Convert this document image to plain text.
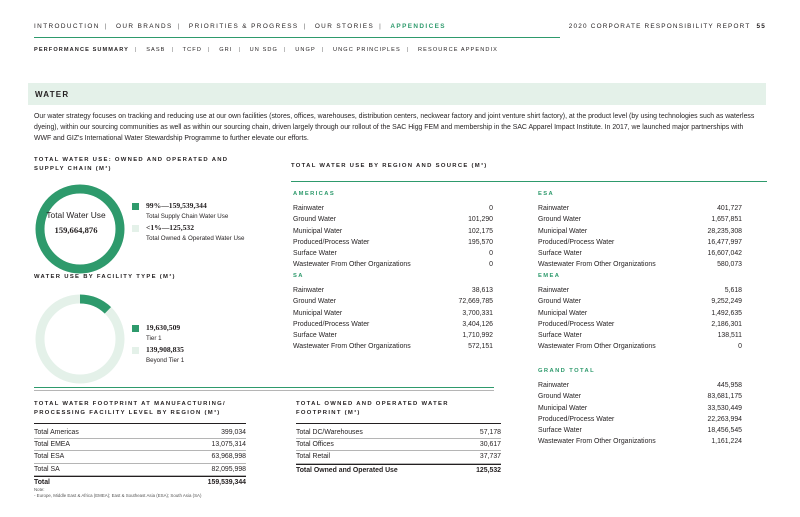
INTRODUCTION | OUR BRANDS | PRIORITIES & PROGRESS | OUR STORIES | APPENDICES	2020 CORPORATE RESPONSIBILITY REPORT 55
PERFORMANCE SUMMARY | SASB | TCFD | GRI | UN SDG | UNGP | UNGC PRINCIPLES | RESOURCE APPENDIX
WATER
Our water strategy focuses on tracking and reducing use at our own facilities (stores, offices, warehouses, distribution centers, neckwear factory and joint venture shirt factory), at the product level (by using technologies such as waterless dyeing), within our sourcing communities as well as within our sourcing chain, driven largely through our rollout of the SAC Higg FEM and membership in the SAC Apparel Impact Institute. In 2017, we launched major partnerships with WWF and GIZ's International Water Stewardship Programme to further elevate our efforts.
TOTAL WATER USE: OWNED AND OPERATED AND SUPPLY CHAIN (M³)
Total Water Use
159,664,876
99%—159,539,344
Total Supply Chain Water Use
<1%—125,532
Total Owned & Operated Water Use
WATER USE BY FACILITY TYPE (M³)
19,630,509
Tier 1
139,908,835
Beyond Tier 1
TOTAL WATER USE BY REGION AND SOURCE (M³)
AMERICAS
Rainwater	0
Ground Water	101,290
Municipal Water	102,175
Produced/Process Water	195,570
Surface Water	0
Wastewater From Other Organizations	0
SA
Rainwater	38,613
Ground Water	72,669,785
Municipal Water	3,700,331
Produced/Process Water	3,404,126
Surface Water	1,710,992
Wastewater From Other Organizations	572,151
ESA
Rainwater	401,727
Ground Water	1,657,851
Municipal Water	28,235,308
Produced/Process Water	16,477,997
Surface Water	16,607,042
Wastewater From Other Organizations	580,073
EMEA
Rainwater	5,618
Ground Water	9,252,249
Municipal Water	1,492,635
Produced/Process Water	2,186,301
Surface Water	138,511
Wastewater From Other Organizations	0
GRAND TOTAL
Rainwater	445,958
Ground Water	83,681,175
Municipal Water	33,530,449
Produced/Process Water	22,263,994
Surface Water	18,456,545
Wastewater From Other Organizations	1,161,224
TOTAL WATER FOOTPRINT AT MANUFACTURING/ PROCESSING FACILITY LEVEL BY REGION (M³)
Total Americas	399,034
Total EMEA	13,075,314
Total ESA	63,968,998
Total SA	82,095,998
Total	159,539,344
TOTAL OWNED AND OPERATED WATER FOOTPRINT (M³)
Total DC/Warehouses	57,178
Total Offices	30,617
Total Retail	37,737
Total Owned and Operated Use	125,532
Note:
- Europe, Middle East & Africa (EMEA); East & Southeast Asia (ESA); South Asia (SA)
